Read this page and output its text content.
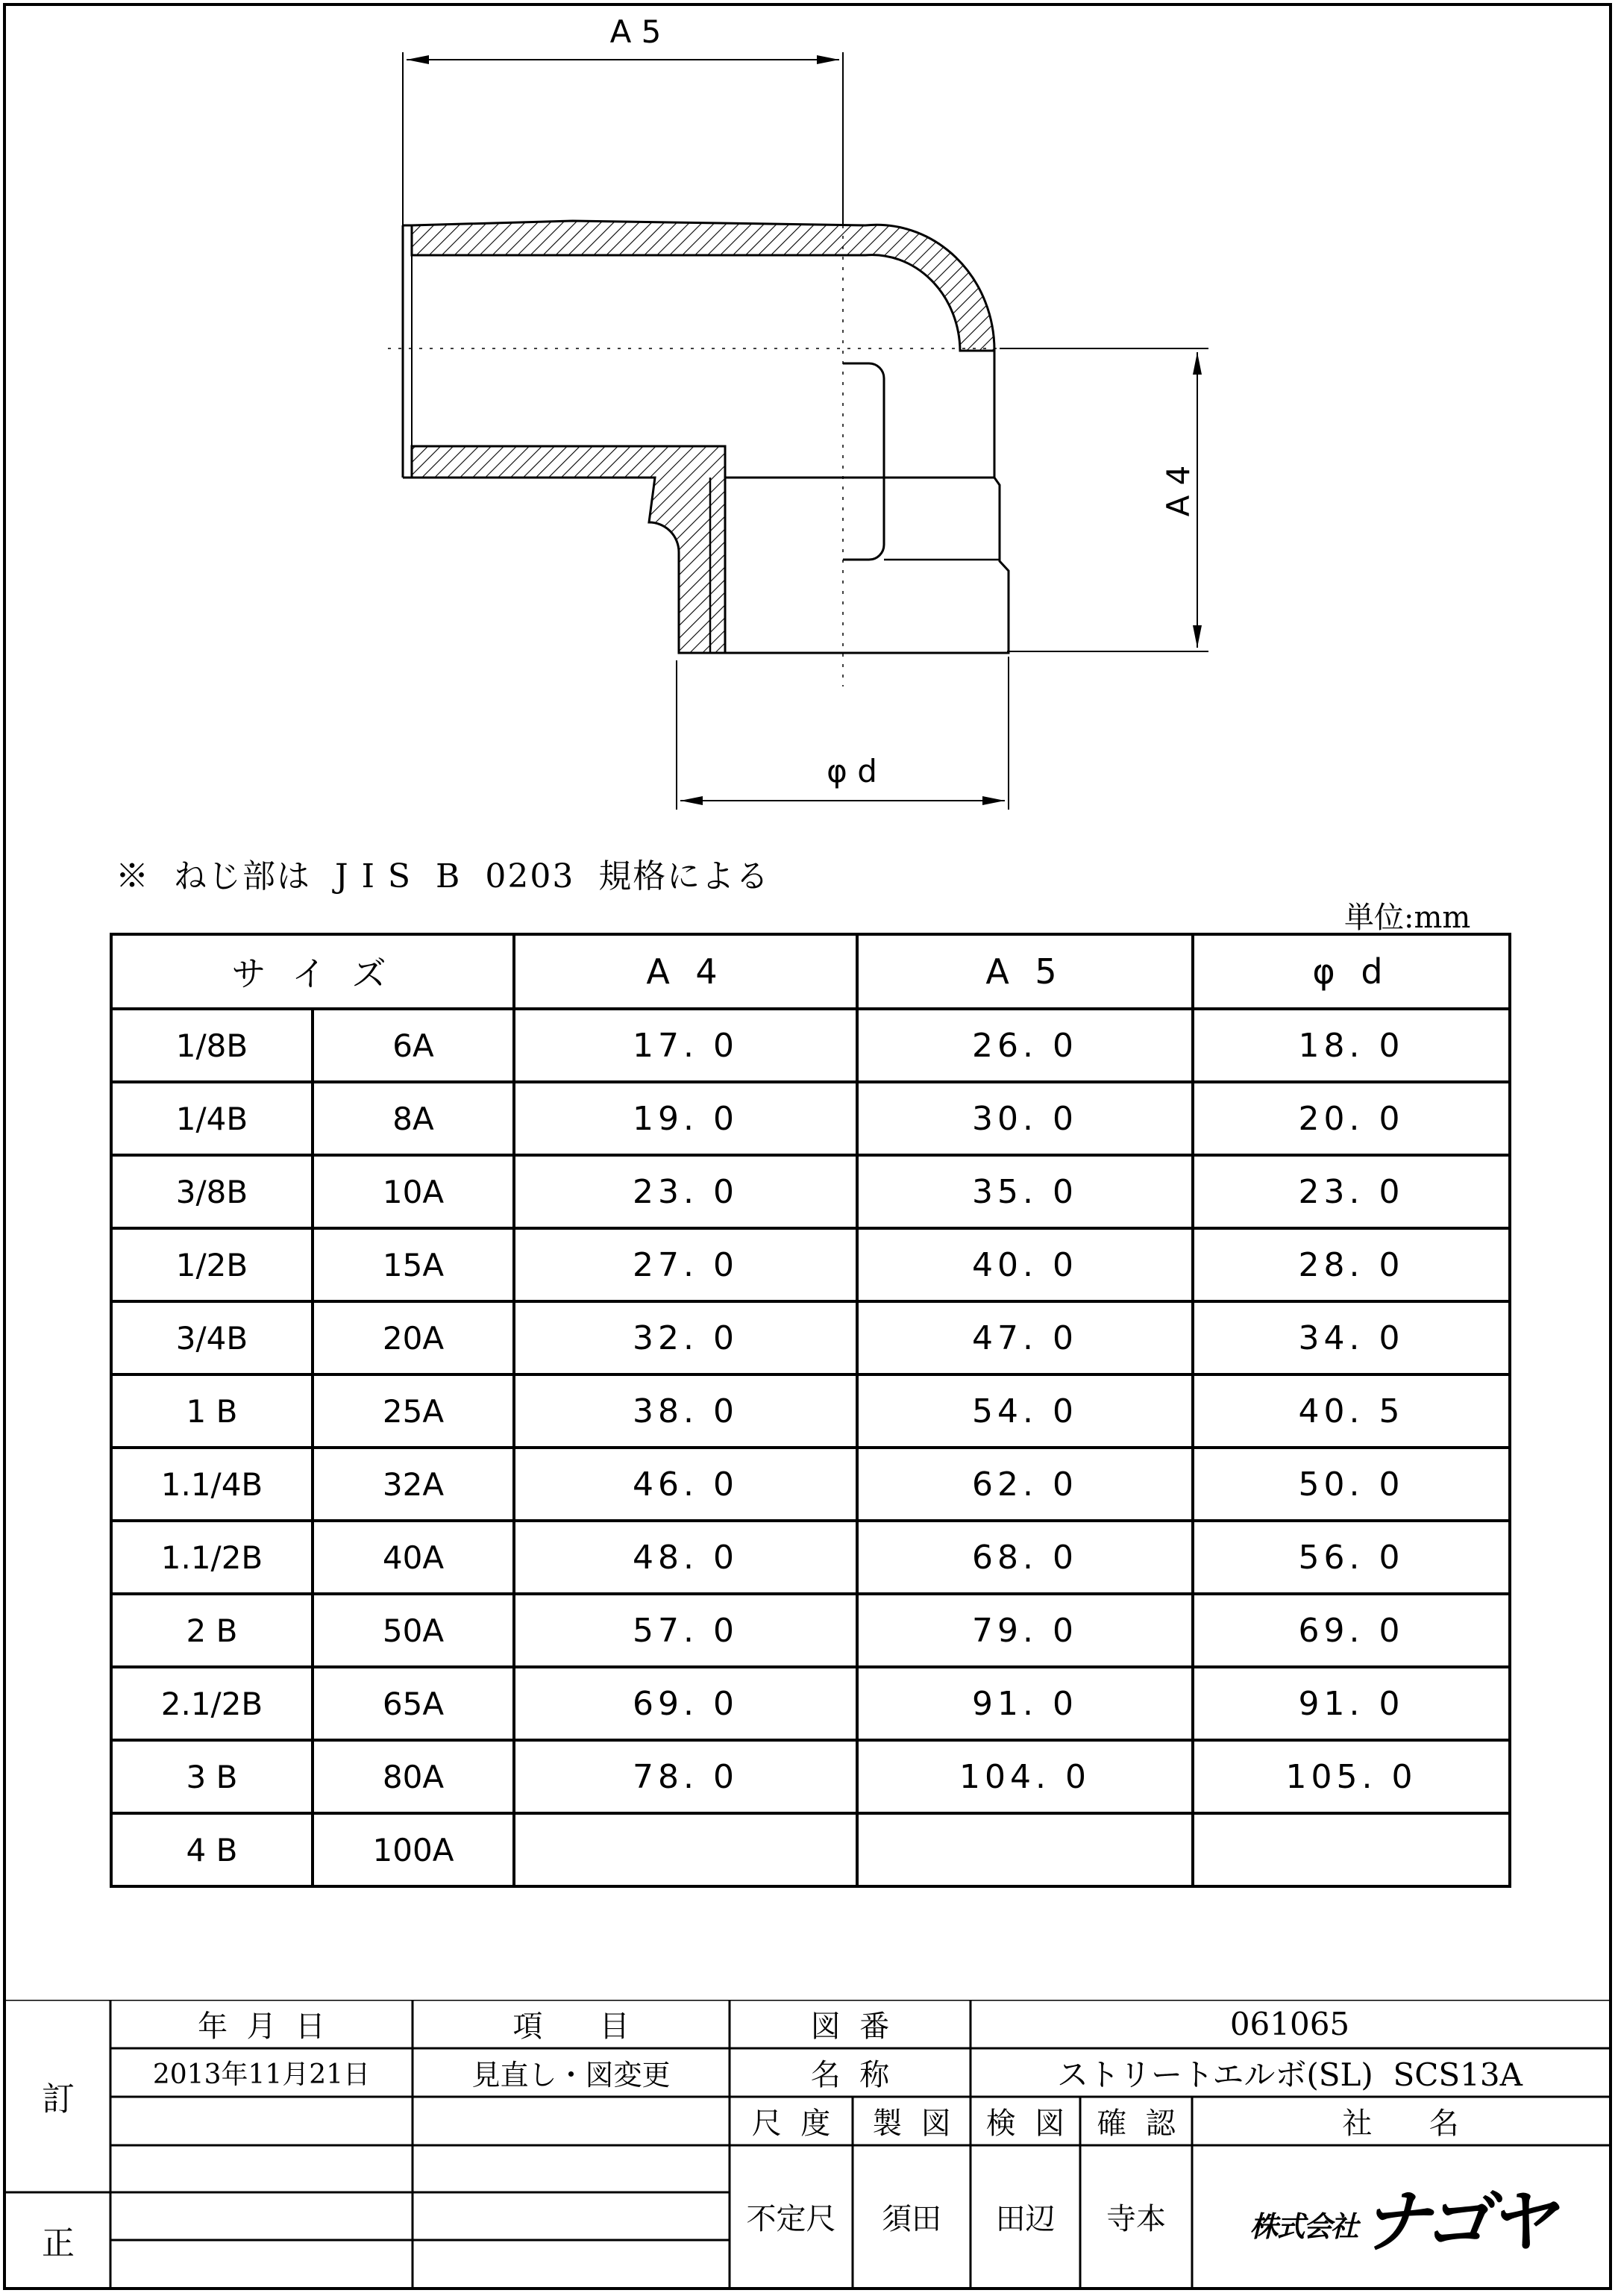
A 5
A 4
φ d
※  ねじ部は  J I S  B  0203  規格による
単位:mm
サ イ ズ		A 4	A 5	φ d
1/8B	6A	17. 0	26. 0	18. 0
1/4B	8A	19. 0	30. 0	20. 0
3/8B	10A	23. 0	35. 0	23. 0
1/2B	15A	27. 0	40. 0	28. 0
3/4B	20A	32. 0	47. 0	34. 0
1 B	25A	38. 0	54. 0	40. 5
1.1/4B	32A	46. 0	62. 0	50. 0
1.1/2B	40A	48. 0	68. 0	56. 0
2 B	50A	57. 0	79. 0	69. 0
2.1/2B	65A	69. 0	91. 0	91. 0
3 B	80A	78. 0	104. 0	105. 0
4 B	100A			
訂
正
年  月  日	項      目
2013年11月21日	見直し・図変更
図  番	061065
名  称	ストリートエルボ(SL)  SCS13A
尺  度	製  図	検  図	確  認	社      名
不定尺	須田	田辺	寺本	株式会社 ナゴヤ
